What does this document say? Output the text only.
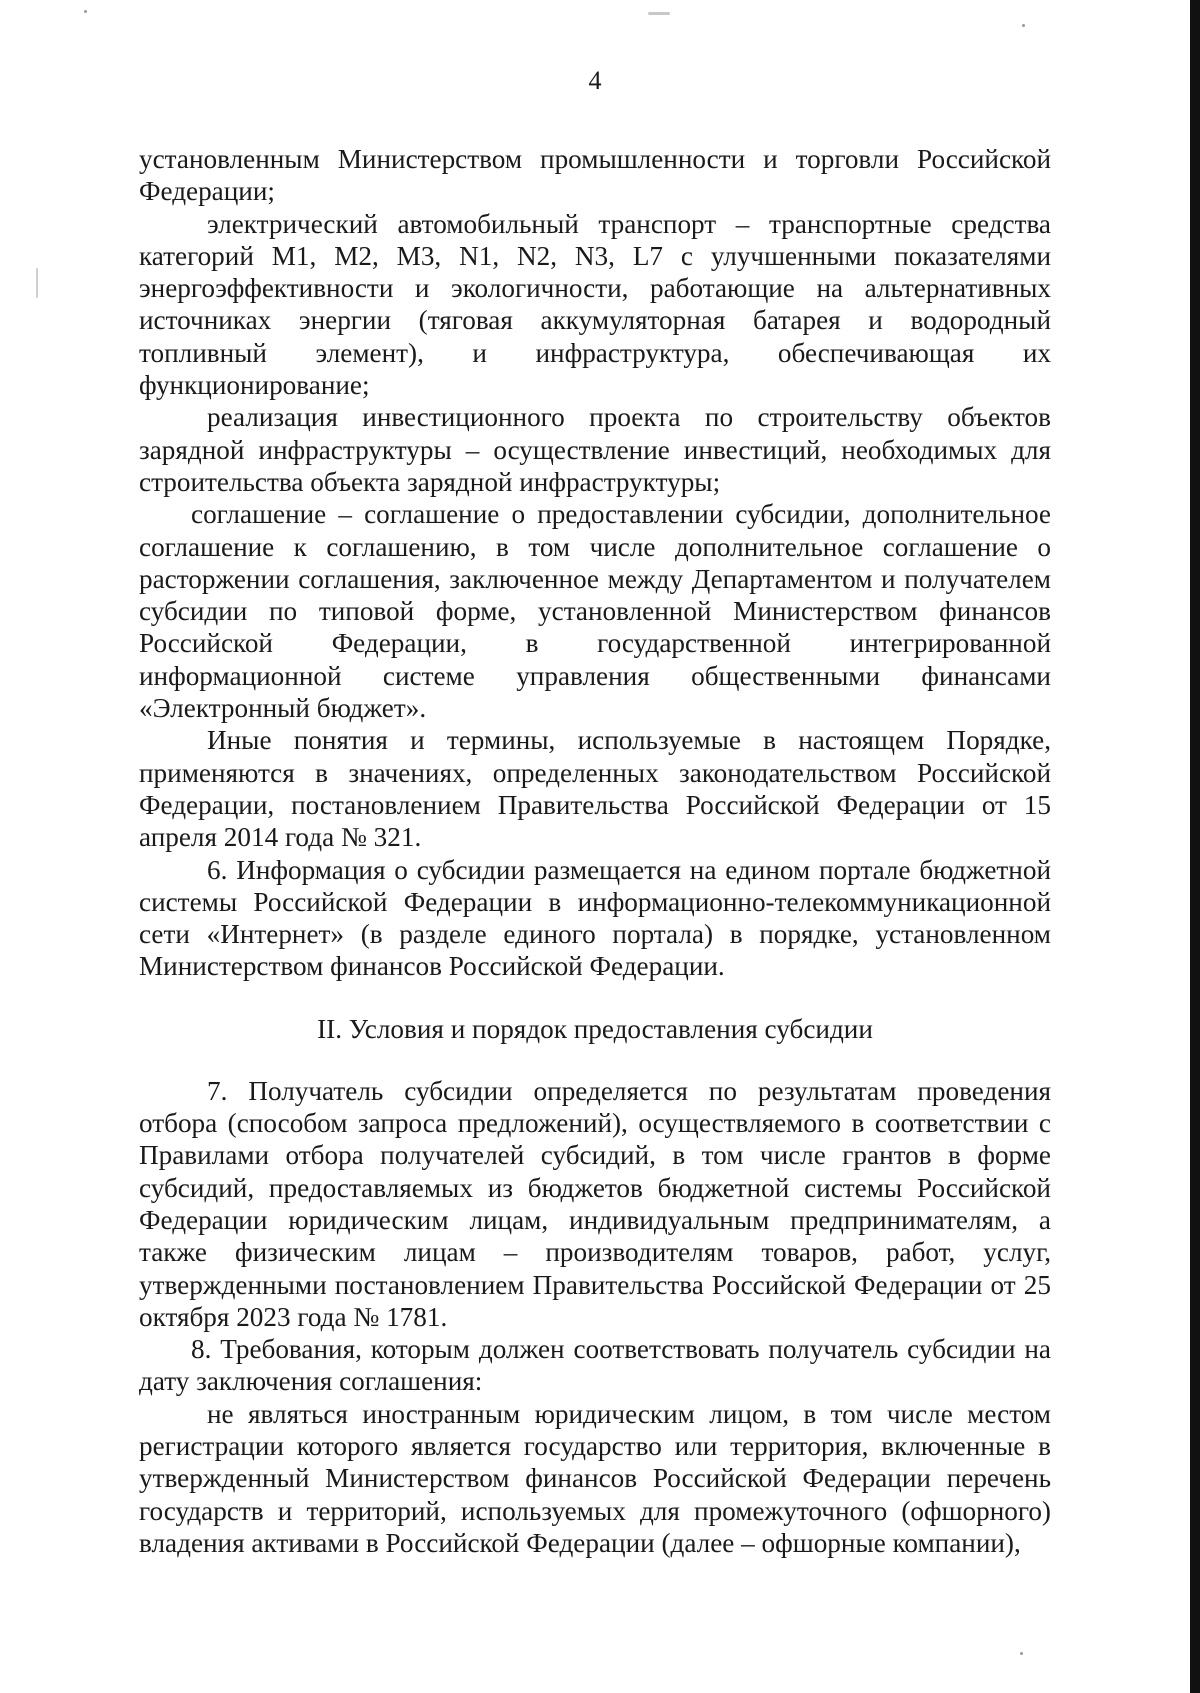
4

установленным Министерством промышленности и торговли Российской Федерации;

электрический автомобильный транспорт – транспортные средства категорий M1, M2, M3, N1, N2, N3, L7 с улучшенными показателями энергоэффективности и экологичности, работающие на альтернативных источниках энергии (тяговая аккумуляторная батарея и водородный топливный элемент), и инфраструктура, обеспечивающая их функционирование;

реализация инвестиционного проекта по строительству объектов зарядной инфраструктуры – осуществление инвестиций, необходимых для строительства объекта зарядной инфраструктуры;

соглашение – соглашение о предоставлении субсидии, дополнительное соглашение к соглашению, в том числе дополнительное соглашение о расторжении соглашения, заключенное между Департаментом и получателем субсидии по типовой форме, установленной Министерством финансов Российской Федерации, в государственной интегрированной информационной системе управления общественными финансами «Электронный бюджет».

Иные понятия и термины, используемые в настоящем Порядке, применяются в значениях, определенных законодательством Российской Федерации, постановлением Правительства Российской Федерации от 15 апреля 2014 года № 321.

6. Информация о субсидии размещается на едином портале бюджетной системы Российской Федерации в информационно-телекоммуникационной сети «Интернет» (в разделе единого портала) в порядке, установленном Министерством финансов Российской Федерации.

II. Условия и порядок предоставления субсидии

7. Получатель субсидии определяется по результатам проведения отбора (способом запроса предложений), осуществляемого в соответствии с Правилами отбора получателей субсидий, в том числе грантов в форме субсидий, предоставляемых из бюджетов бюджетной системы Российской Федерации юридическим лицам, индивидуальным предпринимателям, а также физическим лицам – производителям товаров, работ, услуг, утвержденными постановлением Правительства Российской Федерации от 25 октября 2023 года № 1781.

8. Требования, которым должен соответствовать получатель субсидии на дату заключения соглашения:

не являться иностранным юридическим лицом, в том числе местом регистрации которого является государство или территория, включенные в утвержденный Министерством финансов Российской Федерации перечень государств и территорий, используемых для промежуточного (офшорного) владения активами в Российской Федерации (далее – офшорные компании),
